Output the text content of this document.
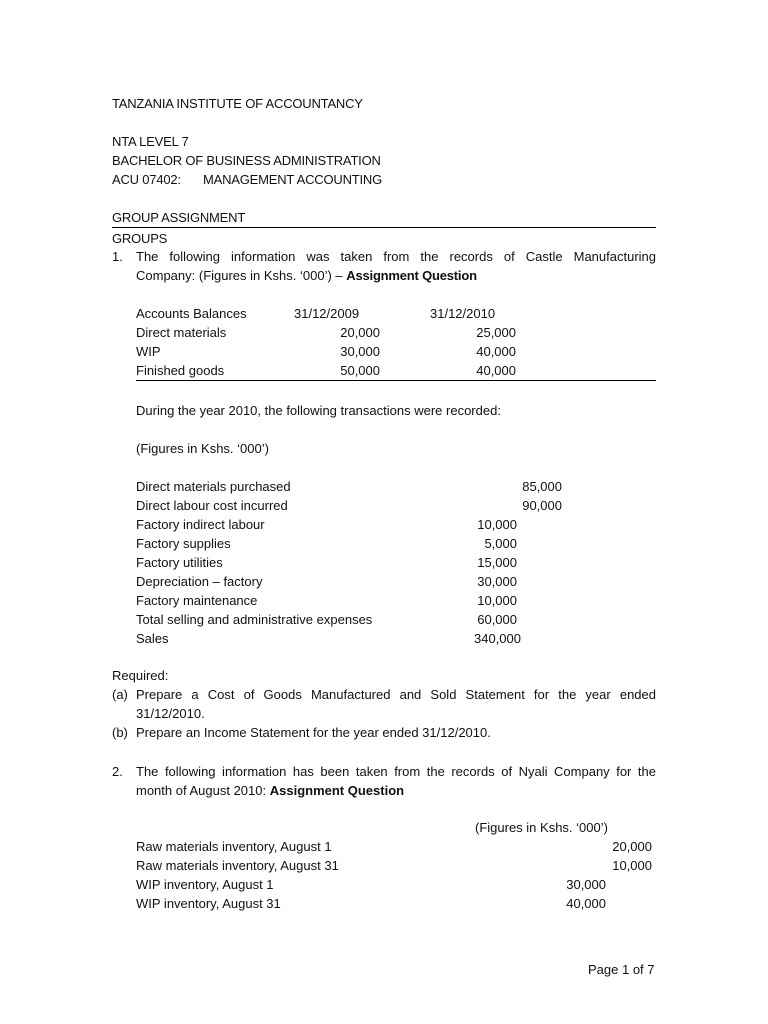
TANZANIA INSTITUTE OF ACCOUNTANCY
NTA LEVEL 7
BACHELOR OF BUSINESS ADMINISTRATION
ACU 07402: MANAGEMENT ACCOUNTING
GROUP ASSIGNMENT
GROUPS
1. The following information was taken from the records of Castle Manufacturing
Company: (Figures in Kshs. ‘000’) – Assignment Question
Accounts Balances	31/12/2009	31/12/2010
Direct materials	20,000	25,000
WIP	30,000	40,000
Finished goods	50,000	40,000
During the year 2010, the following transactions were recorded:
(Figures in Kshs. ‘000’)
Direct materials purchased	85,000
Direct labour cost incurred	90,000
Factory indirect labour	10,000
Factory supplies	5,000
Factory utilities	15,000
Depreciation – factory	30,000
Factory maintenance	10,000
Total selling and administrative expenses	60,000
Sales	340,000
Required:
(a) Prepare a Cost of Goods Manufactured and Sold Statement for the year ended
31/12/2010.
(b) Prepare an Income Statement for the year ended 31/12/2010.
2. The following information has been taken from the records of Nyali Company for the
month of August 2010: Assignment Question
(Figures in Kshs. ‘000’)
Raw materials inventory, August 1	20,000
Raw materials inventory, August 31	10,000
WIP inventory, August 1	30,000
WIP inventory, August 31	40,000
Page 1 of 7
